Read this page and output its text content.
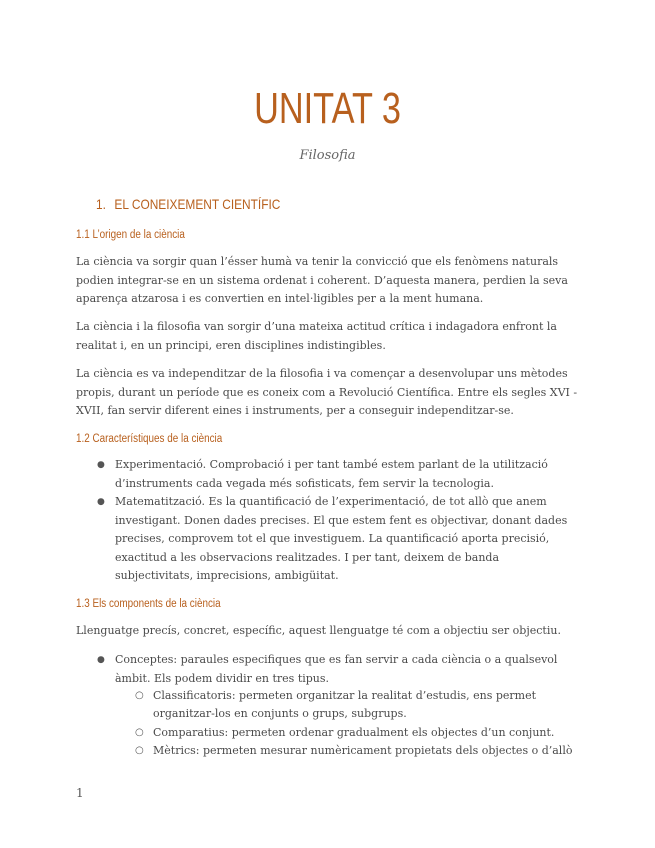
UNITAT 3
Filosofia
1. EL CONEIXEMENT CIENTÍFIC
1.1 L’origen de la ciència
La ciència va sorgir quan l’ésser humà va tenir la convicció que els fenòmens naturals podien integrar-se en un sistema ordenat i coherent. D’aquesta manera, perdien la seva aparença atzarosa i es convertien en intel·ligibles per a la ment humana.
La ciència i la filosofia van sorgir d’una mateixa actitud crítica i indagadora enfront la realitat i, en un principi, eren disciplines indistingibles.
La ciència es va independitzar de la filosofia i va començar a desenvolupar uns mètodes propis, durant un període que es coneix com a Revolució Científica. Entre els segles XVI -XVII, fan servir diferent eines i instruments, per a conseguir independitzar-se.
1.2 Característiques de la ciència
● Experimentació. Comprobació i per tant també estem parlant de la utilització d’instruments cada vegada més sofisticats, fem servir la tecnologia.
● Matematització. Es la quantificació de l’experimentació, de tot allò que anem investigant. Donen dades precises. El que estem fent es objectivar, donant dades precises, comprovem tot el que investiguem. La quantificació aporta precisió, exactitud a les observacions realitzades. I per tant, deixem de banda subjectivitats, imprecisions, ambigüitat.
1.3 Els components de la ciència
Llenguatge precís, concret, específic, aquest llenguatge té com a objectiu ser objectiu.
● Conceptes: paraules especifiques que es fan servir a cada ciència o a qualsevol àmbit. Els podem dividir en tres tipus.
○ Classificatoris: permeten organitzar la realitat d’estudis, ens permet organitzar-los en conjunts o grups, subgrups.
○ Comparatius: permeten ordenar gradualment els objectes d’un conjunt.
○ Mètrics: permeten mesurar numèricament propietats dels objectes o d’allò
1
